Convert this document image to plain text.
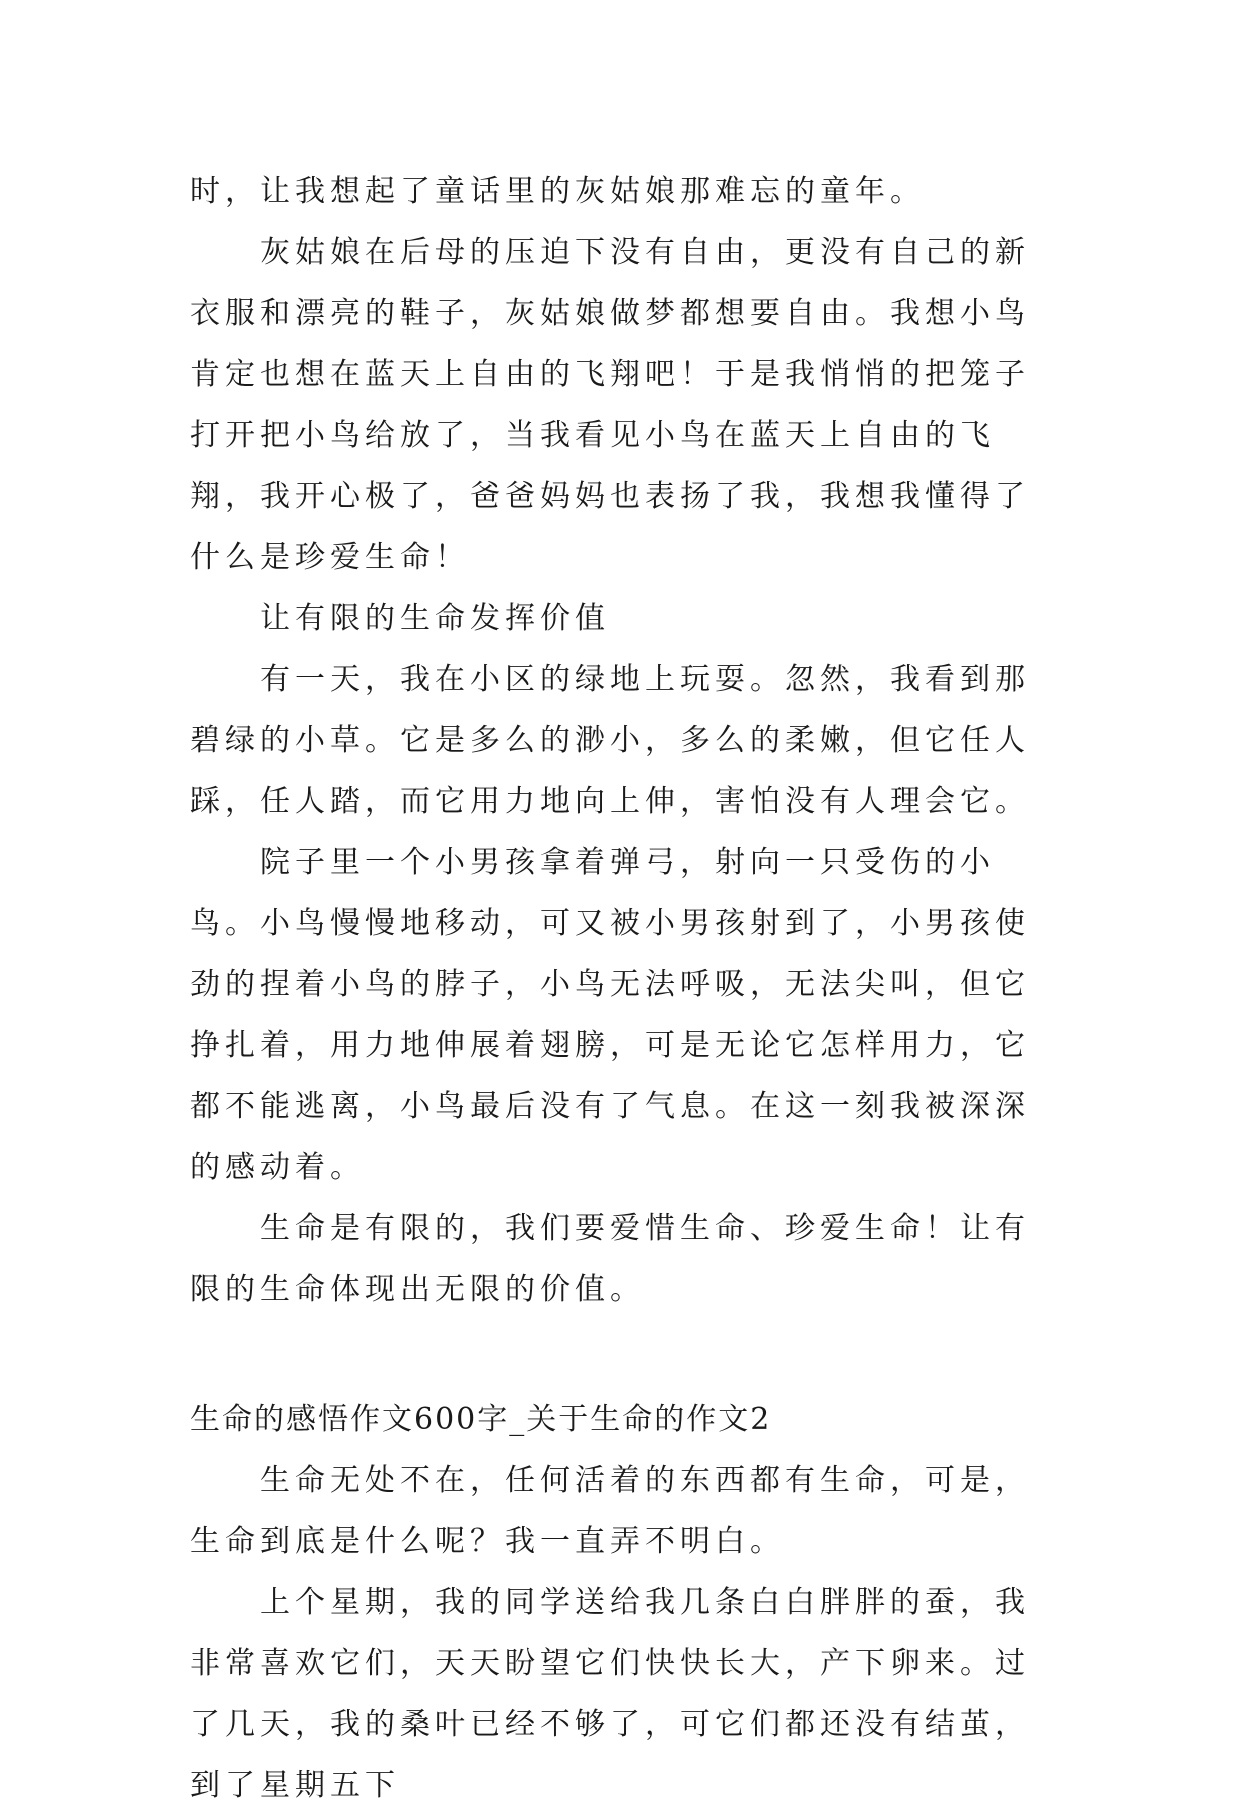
时，让我想起了童话里的灰姑娘那难忘的童年。

灰姑娘在后母的压迫下没有自由，更没有自己的新衣服和漂亮的鞋子，灰姑娘做梦都想要自由。我想小鸟肯定也想在蓝天上自由的飞翔吧！于是我悄悄的把笼子打开把小鸟给放了，当我看见小鸟在蓝天上自由的飞翔，我开心极了，爸爸妈妈也表扬了我，我想我懂得了什么是珍爱生命！

让有限的生命发挥价值

有一天，我在小区的绿地上玩耍。忽然，我看到那碧绿的小草。它是多么的渺小，多么的柔嫩，但它任人踩，任人踏，而它用力地向上伸，害怕没有人理会它。

院子里一个小男孩拿着弹弓，射向一只受伤的小鸟。小鸟慢慢地移动，可又被小男孩射到了，小男孩使劲的捏着小鸟的脖子，小鸟无法呼吸，无法尖叫，但它挣扎着，用力地伸展着翅膀，可是无论它怎样用力，它都不能逃离，小鸟最后没有了气息。在这一刻我被深深的感动着。

生命是有限的，我们要爱惜生命、珍爱生命！让有限的生命体现出无限的价值。

生命的感悟作文600字_关于生命的作文2

生命无处不在，任何活着的东西都有生命，可是，生命到底是什么呢？我一直弄不明白。

上个星期，我的同学送给我几条白白胖胖的蚕，我非常喜欢它们，天天盼望它们快快长大，产下卵来。过了几天，我的桑叶已经不够了，可它们都还没有结茧，到了星期五下
